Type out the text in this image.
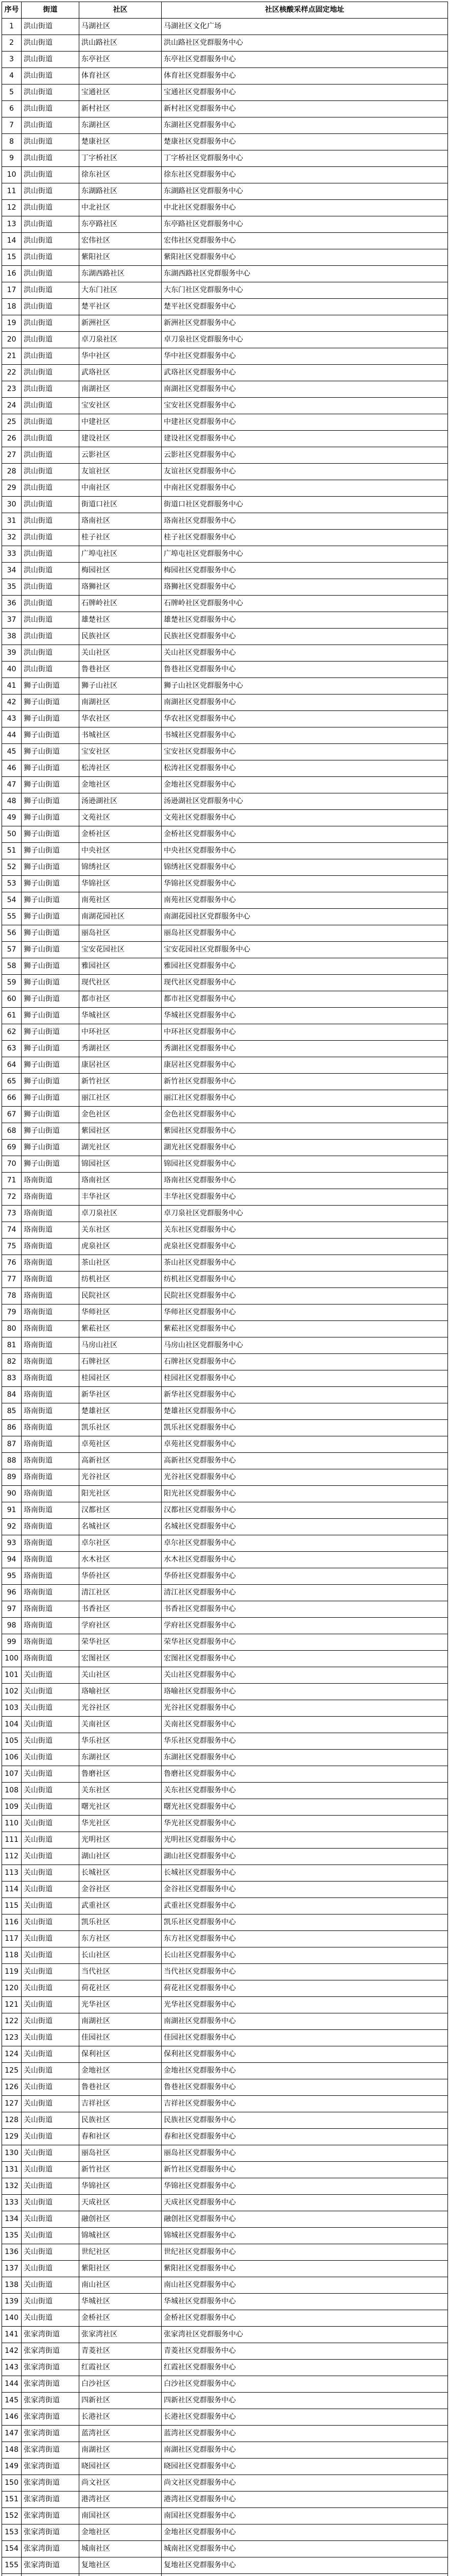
序号	街道	社区	社区核酸采样点固定地址
1	洪山街道	马湖社区	马湖社区文化广场
2	洪山街道	洪山路社区	洪山路社区党群服务中心
3	洪山街道	东亭社区	东亭社区党群服务中心
4	洪山街道	体育社区	体育社区党群服务中心
5	洪山街道	宝通社区	宝通社区党群服务中心
6	洪山街道	新村社区	新村社区党群服务中心
7	洪山街道	东湖社区	东湖社区党群服务中心
8	洪山街道	楚康社区	楚康社区党群服务中心
9	洪山街道	丁字桥社区	丁字桥社区党群服务中心
10	洪山街道	徐东社区	徐东社区党群服务中心
11	洪山街道	东湖路社区	东湖路社区党群服务中心
12	洪山街道	中北社区	中北社区党群服务中心
13	洪山街道	东亭路社区	东亭路社区党群服务中心
14	洪山街道	宏伟社区	宏伟社区党群服务中心
15	洪山街道	紫阳社区	紫阳社区党群服务中心
16	洪山街道	东湖西路社区	东湖西路社区党群服务中心
17	洪山街道	大东门社区	大东门社区党群服务中心
18	洪山街道	楚平社区	楚平社区党群服务中心
19	洪山街道	新洲社区	新洲社区党群服务中心
20	洪山街道	卓刀泉社区	卓刀泉社区党群服务中心
21	洪山街道	华中社区	华中社区党群服务中心
22	洪山街道	武珞社区	武珞社区党群服务中心
23	洪山街道	南湖社区	南湖社区党群服务中心
24	洪山街道	宝安社区	宝安社区党群服务中心
25	洪山街道	中建社区	中建社区党群服务中心
26	洪山街道	建设社区	建设社区党群服务中心
27	洪山街道	云影社区	云影社区党群服务中心
28	洪山街道	友谊社区	友谊社区党群服务中心
29	洪山街道	中南社区	中南社区党群服务中心
30	洪山街道	街道口社区	街道口社区党群服务中心
31	洪山街道	珞南社区	珞南社区党群服务中心
32	洪山街道	桂子社区	桂子社区党群服务中心
33	洪山街道	广埠屯社区	广埠屯社区党群服务中心
34	洪山街道	梅园社区	梅园社区党群服务中心
35	洪山街道	珞狮社区	珞狮社区党群服务中心
36	洪山街道	石牌岭社区	石牌岭社区党群服务中心
37	洪山街道	雄楚社区	雄楚社区党群服务中心
38	洪山街道	民族社区	民族社区党群服务中心
39	洪山街道	关山社区	关山社区党群服务中心
40	洪山街道	鲁巷社区	鲁巷社区党群服务中心
41	狮子山街道	狮子山社区	狮子山社区党群服务中心
42	狮子山街道	南湖社区	南湖社区党群服务中心
43	狮子山街道	华农社区	华农社区党群服务中心
44	狮子山街道	书城社区	书城社区党群服务中心
45	狮子山街道	宝安社区	宝安社区党群服务中心
46	狮子山街道	松涛社区	松涛社区党群服务中心
47	狮子山街道	金地社区	金地社区党群服务中心
48	狮子山街道	汤逊湖社区	汤逊湖社区党群服务中心
49	狮子山街道	文苑社区	文苑社区党群服务中心
50	狮子山街道	金桥社区	金桥社区党群服务中心
51	狮子山街道	中央社区	中央社区党群服务中心
52	狮子山街道	锦绣社区	锦绣社区党群服务中心
53	狮子山街道	华锦社区	华锦社区党群服务中心
54	狮子山街道	南苑社区	南苑社区党群服务中心
55	狮子山街道	南湖花园社区	南湖花园社区党群服务中心
56	狮子山街道	丽岛社区	丽岛社区党群服务中心
57	狮子山街道	宝安花园社区	宝安花园社区党群服务中心
58	狮子山街道	雅园社区	雅园社区党群服务中心
59	狮子山街道	现代社区	现代社区党群服务中心
60	狮子山街道	都市社区	都市社区党群服务中心
61	狮子山街道	华城社区	华城社区党群服务中心
62	狮子山街道	中环社区	中环社区党群服务中心
63	狮子山街道	秀湖社区	秀湖社区党群服务中心
64	狮子山街道	康居社区	康居社区党群服务中心
65	狮子山街道	新竹社区	新竹社区党群服务中心
66	狮子山街道	丽江社区	丽江社区党群服务中心
67	狮子山街道	金色社区	金色社区党群服务中心
68	狮子山街道	紫园社区	紫园社区党群服务中心
69	狮子山街道	湖光社区	湖光社区党群服务中心
70	狮子山街道	锦园社区	锦园社区党群服务中心
71	珞南街道	珞南社区	珞南社区党群服务中心
72	珞南街道	丰华社区	丰华社区党群服务中心
73	珞南街道	卓刀泉社区	卓刀泉社区党群服务中心
74	珞南街道	关东社区	关东社区党群服务中心
75	珞南街道	虎泉社区	虎泉社区党群服务中心
76	珞南街道	茶山社区	茶山社区党群服务中心
77	珞南街道	纺机社区	纺机社区党群服务中心
78	珞南街道	民院社区	民院社区党群服务中心
79	珞南街道	华师社区	华师社区党群服务中心
80	珞南街道	紫菘社区	紫菘社区党群服务中心
81	珞南街道	马房山社区	马房山社区党群服务中心
82	珞南街道	石牌社区	石牌社区党群服务中心
83	珞南街道	桂园社区	桂园社区党群服务中心
84	珞南街道	新华社区	新华社区党群服务中心
85	珞南街道	楚雄社区	楚雄社区党群服务中心
86	珞南街道	凯乐社区	凯乐社区党群服务中心
87	珞南街道	卓苑社区	卓苑社区党群服务中心
88	珞南街道	高新社区	高新社区党群服务中心
89	珞南街道	光谷社区	光谷社区党群服务中心
90	珞南街道	阳光社区	阳光社区党群服务中心
91	珞南街道	汉都社区	汉都社区党群服务中心
92	珞南街道	名城社区	名城社区党群服务中心
93	珞南街道	卓尔社区	卓尔社区党群服务中心
94	珞南街道	水木社区	水木社区党群服务中心
95	珞南街道	华侨社区	华侨社区党群服务中心
96	珞南街道	清江社区	清江社区党群服务中心
97	珞南街道	书香社区	书香社区党群服务中心
98	珞南街道	学府社区	学府社区党群服务中心
99	珞南街道	荣华社区	荣华社区党群服务中心
100	珞南街道	宏图社区	宏图社区党群服务中心
101	关山街道	关山社区	关山社区党群服务中心
102	关山街道	珞喻社区	珞喻社区党群服务中心
103	关山街道	光谷社区	光谷社区党群服务中心
104	关山街道	关南社区	关南社区党群服务中心
105	关山街道	华乐社区	华乐社区党群服务中心
106	关山街道	东湖社区	东湖社区党群服务中心
107	关山街道	鲁磨社区	鲁磨社区党群服务中心
108	关山街道	关东社区	关东社区党群服务中心
109	关山街道	曙光社区	曙光社区党群服务中心
110	关山街道	华光社区	华光社区党群服务中心
111	关山街道	光明社区	光明社区党群服务中心
112	关山街道	湖山社区	湖山社区党群服务中心
113	关山街道	长城社区	长城社区党群服务中心
114	关山街道	金谷社区	金谷社区党群服务中心
115	关山街道	武重社区	武重社区党群服务中心
116	关山街道	凯乐社区	凯乐社区党群服务中心
117	关山街道	东方社区	东方社区党群服务中心
118	关山街道	长山社区	长山社区党群服务中心
119	关山街道	当代社区	当代社区党群服务中心
120	关山街道	荷花社区	荷花社区党群服务中心
121	关山街道	光华社区	光华社区党群服务中心
122	关山街道	南湖社区	南湖社区党群服务中心
123	关山街道	佳园社区	佳园社区党群服务中心
124	关山街道	保利社区	保利社区党群服务中心
125	关山街道	金地社区	金地社区党群服务中心
126	关山街道	鲁巷社区	鲁巷社区党群服务中心
127	关山街道	吉祥社区	吉祥社区党群服务中心
128	关山街道	民族社区	民族社区党群服务中心
129	关山街道	春和社区	春和社区党群服务中心
130	关山街道	丽岛社区	丽岛社区党群服务中心
131	关山街道	新竹社区	新竹社区党群服务中心
132	关山街道	华锦社区	华锦社区党群服务中心
133	关山街道	天成社区	天成社区党群服务中心
134	关山街道	融创社区	融创社区党群服务中心
135	关山街道	锦城社区	锦城社区党群服务中心
136	关山街道	世纪社区	世纪社区党群服务中心
137	关山街道	紫阳社区	紫阳社区党群服务中心
138	关山街道	南山社区	南山社区党群服务中心
139	关山街道	华城社区	华城社区党群服务中心
140	关山街道	金桥社区	金桥社区党群服务中心
141	张家湾街道	张家湾社区	张家湾社区党群服务中心
142	张家湾街道	青菱社区	青菱社区党群服务中心
143	张家湾街道	红霞社区	红霞社区党群服务中心
144	张家湾街道	白沙社区	白沙社区党群服务中心
145	张家湾街道	四新社区	四新社区党群服务中心
146	张家湾街道	长港社区	长港社区党群服务中心
147	张家湾街道	蓝湾社区	蓝湾社区党群服务中心
148	张家湾街道	南湖社区	南湖社区党群服务中心
149	张家湾街道	晓园社区	晓园社区党群服务中心
150	张家湾街道	尚文社区	尚文社区党群服务中心
151	张家湾街道	港湾社区	港湾社区党群服务中心
152	张家湾街道	南国社区	南国社区党群服务中心
153	张家湾街道	金地社区	金地社区党群服务中心
154	张家湾街道	城南社区	城南社区党群服务中心
155	张家湾街道	复地社区	复地社区党群服务中心
